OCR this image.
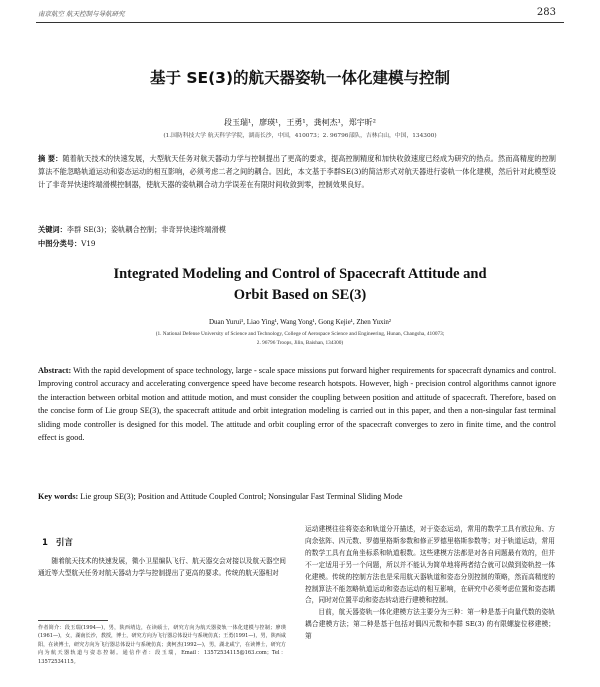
南京航空 航天控制与导航研究	283
基于 SE(3)的航天器姿轨一体化建模与控制
段玉瑞¹，廖瑛¹，王勇¹，龚柯杰¹，郑宇昕²
(1.国防科技大学 航天科学学院，湖南长沙，中国，410073；2. 96796部队，吉林白山，中国，134300)
摘 要：随着航天技术的快速发展，大型航天任务对航天器动力学与控制提出了更高的要求，提高控制精度和加快收敛速度已经成为研究的热点。然而高精度的控制算法不能忽略轨道运动和姿态运动的相互影响，必须考虑二者之间的耦合。因此，本文基于李群SE(3)的简洁形式对航天器进行姿轨一体化建模，然后针对此模型设计了非奇异快速终端滑模控制器，使航天器的姿轨耦合动力学误差在有限时间收敛到零，控制效果良好。
关键词：李群 SE(3)；姿轨耦合控制；非奇异快速终端滑模
中图分类号：V19
Integrated Modeling and Control of Spacecraft Attitude and
Orbit Based on SE(3)
Duan Yurui¹, Liao Ying¹, Wang Yong¹, Gong Kejie¹, Zhen Yuxin²
(1. National Defense University of Science and Technology, College of Aerospace Science and Engineering, Hunan, Changsha, 410073;
2. 96796 Troops, Jilin, Baishan, 134300)
Abstract: With the rapid development of space technology, large - scale space missions put forward higher requirements for spacecraft dynamics and control. Improving control accuracy and accelerating convergence speed have become research hotspots. However, high - precision control algorithms cannot ignore the interaction between orbital motion and attitude motion, and must consider the coupling between position and attitude of spacecraft. Therefore, based on the concise form of Lie group SE(3), the spacecraft attitude and orbit integration modeling is carried out in this paper, and then a non-singular fast terminal sliding mode controller is designed for this model. The attitude and orbit coupling error of the spacecraft converges to zero in finite time, and the control effect is good.
Key words: Lie group SE(3); Position and Attitude Coupled Control; Nonsingular Fast Terminal Sliding Mode
1 引言
随着航天技术的快速发展，微小卫星编队飞行、航天器交会对接以及航天器空间通近等大型航天任务对航天器动力学与控制提出了更高的要求。传统的航天器相对
作者简介：段玉瑞(1994—)，男，陕西靖边，在读硕士，研究方向为航天器姿轨一体化建模与控制；廖瑛(1961—)，女，湖南长沙，教授，博士，研究方向为飞行器总体设计与系统仿真；王勇(1991—)，男，陕西咸阳，在读博士，研究方向为飞行器总体设计与系统仿真；龚柯杰(1992—)，男，湖北咸宁，在读博士，研究方向为航天器轨道与姿态控制。通信作者：段玉瑞，Email：13572534115@163.com；Tel：13572534115。

运动建模往往将姿态和轨道分开描述，对于姿态运动，常用的数学工具有欧拉角、方向余弦阵、四元数、罗德里格斯参数和修正罗德里格斯参数等；对于轨道运动，常用的数学工具有直角坐标系和轨道根数。这些建模方法都是对各自问题最有效的，但并不一定适用于另一个问题，所以并不能认为简单地将两者结合就可以做到姿轨控一体化建模。传统的控制方法也是采用航天器轨道和姿态分别控制的策略，然而高精度的控制算法不能忽略轨道运动和姿态运动的相互影响，在研究中必须考虑位置和姿态耦合，同时对位置平动和姿态转动进行建模和控制。

目前，航天器姿轨一体化建模方法主要分为三种：第一种是基于向量代数的姿轨耦合建模方法；第二种是基于包括对偶四元数和李群 SE(3) 的有限螺旋位移建模；第
